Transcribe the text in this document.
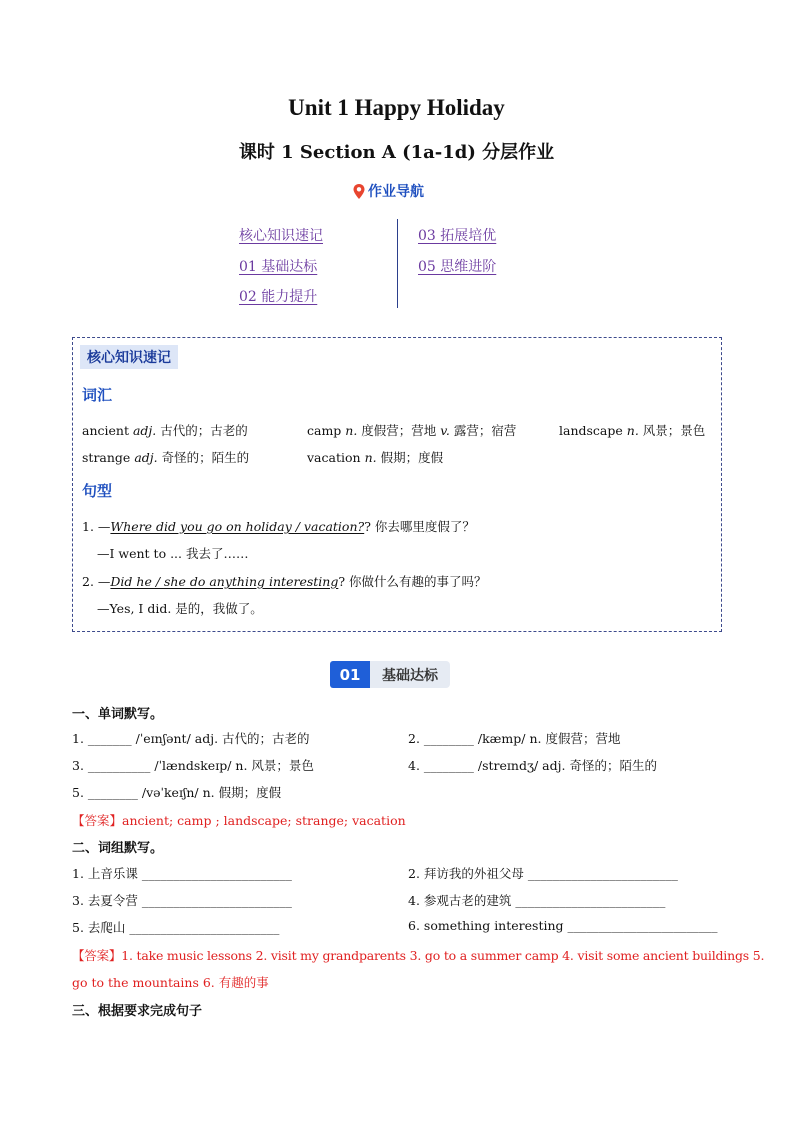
Unit 1 Happy Holiday
课时 1 Section A (1a-1d) 分层作业
作业导航
核心知识速记
01 基础达标
02 能力提升
03 拓展培优
05 思维进阶
核心知识速记
词汇
ancient adj. 古代的；古老的	camp n. 度假营；营地 v. 露营；宿营	landscape n. 风景；景色
strange adj. 奇怪的；陌生的	vacation n. 假期；度假
句型
1. —Where did you go on holiday / vacation?? 你去哪里度假了？
—I went to ... 我去了……
2. —Did he / she do anything interesting? 你做什么有趣的事了吗？
—Yes, I did. 是的，我做了。
01	基础达标
一、单词默写。
1. _______ /ˈeɪnʃənt/ adj. 古代的；古老的	2. ________ /kæmp/ n. 度假营；营地
3. __________ /ˈlændskeɪp/ n. 风景；景色	4. ________ /streɪndʒ/ adj. 奇怪的；陌生的
5. ________ /vəˈkeɪʃn/ n. 假期；度假
【答案】ancient; camp ; landscape; strange; vacation
二、词组默写。
1. 上音乐课 ________________________	2. 拜访我的外祖父母 ________________________
3. 去夏令营 ________________________	4. 参观古老的建筑 ________________________
5. 去爬山 ________________________	6. something interesting ________________________
【答案】1. take music lessons 2. visit my grandparents 3. go to a summer camp 4. visit some ancient buildings 5.
go to the mountains 6. 有趣的事
三、根据要求完成句子
